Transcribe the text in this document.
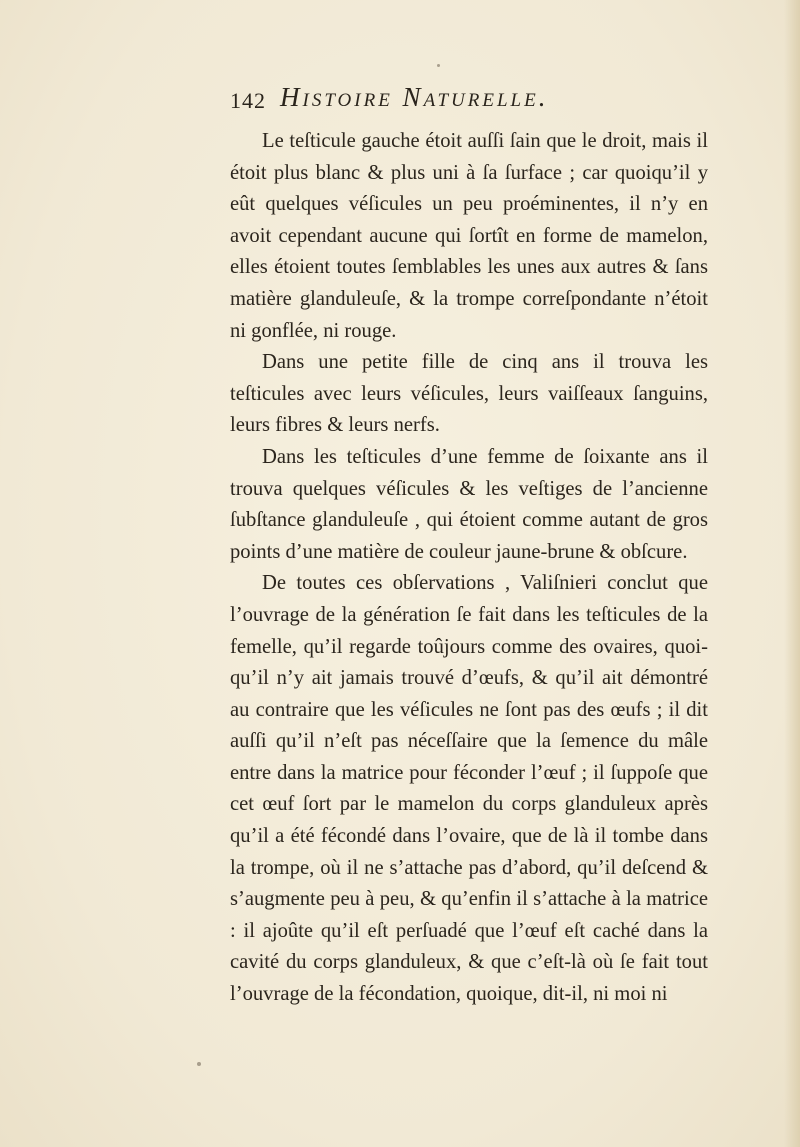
142 Histoire Naturelle.

Le teſticule gauche étoit auſſi ſain que le droit, mais il étoit plus blanc & plus uni à ſa ſurface ; car quoiqu’il y eût quelques véſicules un peu proéminentes, il n’y en avoit cependant aucune qui ſortît en forme de mamelon, elles étoient toutes ſemblables les unes aux autres & ſans matière glanduleuſe, & la trompe correſpondante n’étoit ni gonflée, ni rouge.

Dans une petite fille de cinq ans il trouva les teſticules avec leurs véſicules, leurs vaiſſeaux ſanguins, leurs fibres & leurs nerfs.

Dans les teſticules d’une femme de ſoixante ans il trouva quelques véſicules & les veſtiges de l’ancienne ſubſtance glanduleuſe , qui étoient comme autant de gros points d’une matière de couleur jaune-brune & obſcure.

De toutes ces obſervations , Valiſnieri conclut que l’ouvrage de la génération ſe fait dans les teſticules de la femelle, qu’il regarde toûjours comme des ovaires, quoi-qu’il n’y ait jamais trouvé d’œufs, & qu’il ait démontré au contraire que les véſicules ne ſont pas des œufs ; il dit auſſi qu’il n’eſt pas néceſſaire que la ſemence du mâle entre dans la matrice pour féconder l’œuf ; il ſuppoſe que cet œuf ſort par le mamelon du corps glanduleux après qu’il a été fécondé dans l’ovaire, que de là il tombe dans la trompe, où il ne s’attache pas d’abord, qu’il deſcend & s’augmente peu à peu, & qu’enfin il s’attache à la matrice : il ajoûte qu’il eſt perſuadé que l’œuf eſt caché dans la cavité du corps glanduleux, & que c’eſt-là où ſe fait tout l’ouvrage de la fécondation, quoique, dit-il, ni moi ni
